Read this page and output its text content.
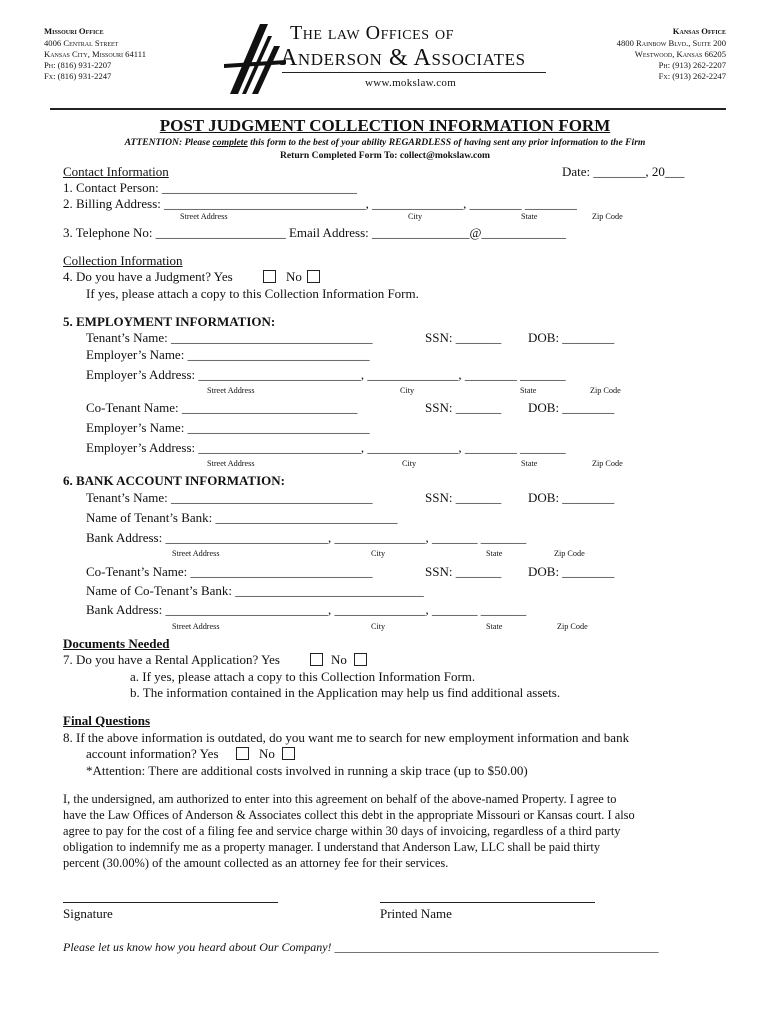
Missouri Office
4006 Central Street
Kansas City, Missouri 64111
Ph: (816) 931-2207
Fx: (816) 931-2247
Kansas Office
4800 Rainbow Blvd., Suite 200
Westwood, Kansas 66205
Ph: (913) 262-2207
Fx: (913) 262-2247
The law Offices of
Anderson & Associates
www.mokslaw.com
POST JUDGMENT COLLECTION INFORMATION FORM
ATTENTION: Please complete this form to the best of your ability REGARDLESS of having sent any prior information to the Firm
Return Completed Form To: collect@mokslaw.com
Contact Information	Date: ________, 20___
1. Contact Person: ______________________________
2. Billing Address: _______________________________, ______________, ________ ________
Street Address	City	State	Zip Code
3. Telephone No: ____________________ Email Address: _______________@_____________
Collection Information
4. Do you have a Judgment? Yes	No
If yes, please attach a copy to this Collection Information Form.
5. EMPLOYMENT INFORMATION:
Tenant’s Name: _______________________________	SSN: _______ DOB: ________
Employer’s Name: ____________________________
Employer’s Address: _________________________, ______________, ________ _______
Street Address	City	State	Zip Code
Co-Tenant Name: ___________________________	SSN: _______ DOB: ________
Employer’s Name: ____________________________
Employer’s Address: _________________________, ______________, ________ _______
Street Address	City	State	Zip Code
6. BANK ACCOUNT INFORMATION:
Tenant’s Name: _______________________________	SSN: _______ DOB: ________
Name of Tenant’s Bank: ____________________________
Bank Address: _________________________, ______________, _______ _______
Street Address	City	State	Zip Code
Co-Tenant’s Name: ____________________________	SSN: _______ DOB: ________
Name of Co-Tenant’s Bank: _____________________________
Bank Address: _________________________, ______________, _______ _______
Street Address	City	State	Zip Code
Documents Needed
7. Do you have a Rental Application? Yes	No
a. If yes, please attach a copy to this Collection Information Form.
b. The information contained in the Application may help us find additional assets.
Final Questions
8. If the above information is outdated, do you want me to search for new employment information and bank
account information? Yes	No
*Attention: There are additional costs involved in running a skip trace (up to $50.00)
I, the undersigned, am authorized to enter into this agreement on behalf of the above-named Property. I agree to
have the Law Offices of Anderson & Associates collect this debt in the appropriate Missouri or Kansas court. I also
agree to pay for the cost of a filing fee and service charge within 30 days of invoicing, regardless of a third party
obligation to indemnify me as a property manager. I understand that Anderson Law, LLC shall be paid thirty
percent (30.00%) of the amount collected as an attorney fee for their services.
Signature	Printed Name
Please let us know how you heard about Our Company! ______________________________________________________
